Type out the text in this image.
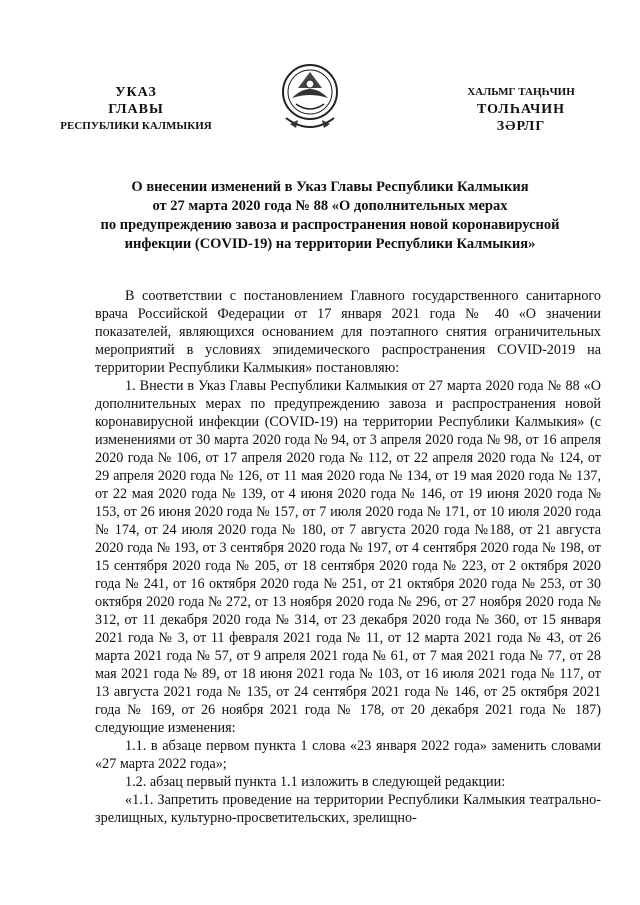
УКАЗ
ГЛАВЫ
РЕСПУБЛИКИ КАЛМЫКИЯ
ХАЛЬМГ ТАҢҺЧИН
ТОЛҺАЧИН
ЗӘРЛГ
О внесении изменений в Указ Главы Республики Калмыкия
от 27 марта 2020 года № 88 «О дополнительных мерах
по предупреждению завоза и распространения новой коронавирусной
инфекции (COVID-19) на территории Республики Калмыкия»

В соответствии с постановлением Главного государственного санитарного врача Российской Федерации от 17 января 2021 года № 40 «О значении показателей, являющихся основанием для поэтапного снятия ограничительных мероприятий в условиях эпидемического распространения COVID-2019 на территории Республики Калмыкия» постановляю:

1. Внести в Указ Главы Республики Калмыкия от 27 марта 2020 года № 88 «О дополнительных мерах по предупреждению завоза и распространения новой коронавирусной инфекции (COVID-19) на территории Республики Калмыкия» (с изменениями от 30 марта 2020 года № 94, от 3 апреля 2020 года № 98, от 16 апреля 2020 года № 106, от 17 апреля 2020 года № 112, от 22 апреля 2020 года № 124, от 29 апреля 2020 года № 126, от 11 мая 2020 года № 134, от 19 мая 2020 года № 137, от 22 мая 2020 года № 139, от 4 июня 2020 года № 146, от 19 июня 2020 года № 153, от 26 июня 2020 года № 157, от 7 июля 2020 года № 171, от 10 июля 2020 года № 174, от 24 июля 2020 года № 180, от 7 августа 2020 года №188, от 21 августа 2020 года № 193, от 3 сентября 2020 года № 197, от 4 сентября 2020 года № 198, от 15 сентября 2020 года № 205, от 18 сентября 2020 года № 223, от 2 октября 2020 года № 241, от 16 октября 2020 года № 251, от 21 октября 2020 года № 253, от 30 октября 2020 года № 272, от 13 ноября 2020 года № 296, от 27 ноября 2020 года № 312, от 11 декабря 2020 года № 314, от 23 декабря 2020 года № 360, от 15 января 2021 года № 3, от 11 февраля 2021 года № 11, от 12 марта 2021 года № 43, от 26 марта 2021 года № 57, от 9 апреля 2021 года № 61, от 7 мая 2021 года № 77, от 28 мая 2021 года № 89, от 18 июня 2021 года № 103, от 16 июля 2021 года № 117, от 13 августа 2021 года № 135, от 24 сентября 2021 года № 146, от 25 октября 2021 года № 169, от 26 ноября 2021 года № 178, от 20 декабря 2021 года № 187) следующие изменения:

1.1. в абзаце первом пункта 1 слова «23 января 2022 года» заменить словами «27 марта 2022 года»;

1.2. абзац первый пункта 1.1 изложить в следующей редакции:

«1.1. Запретить проведение на территории Республики Калмыкия театрально-зрелищных, культурно-просветительских, зрелищно-
